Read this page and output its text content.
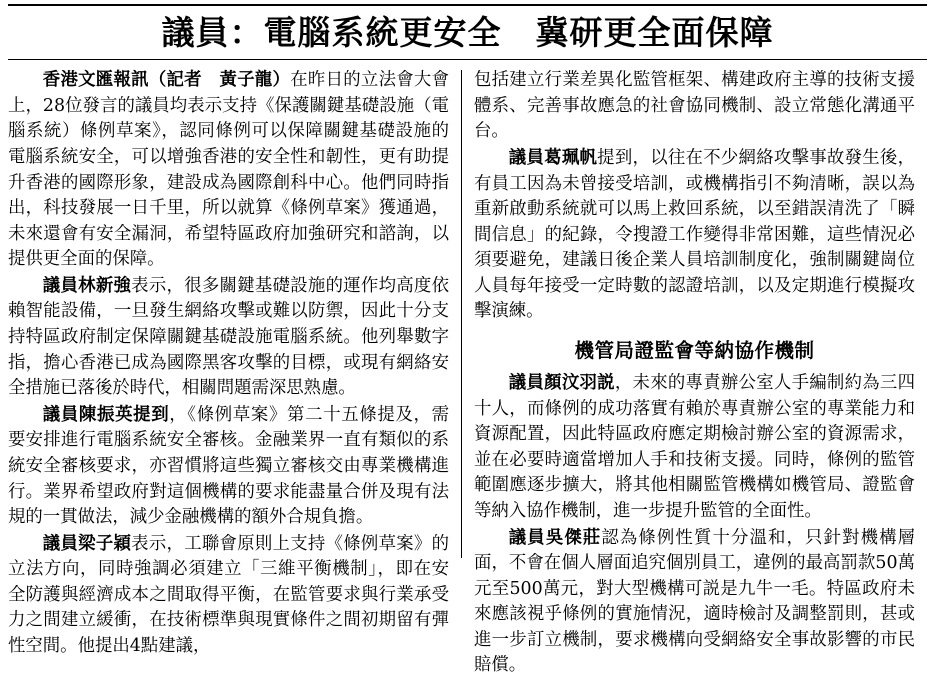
議員：電腦系統更安全　冀研更全面保障

香港文匯報訊（記者　黃子龍）在昨日的立法會大會上，28位發言的議員均表示支持《保護關鍵基礎設施（電腦系統）條例草案》，認同條例可以保障關鍵基礎設施的電腦系統安全，可以增強香港的安全性和韌性，更有助提升香港的國際形象，建設成為國際創科中心。他們同時指出，科技發展一日千里，所以就算《條例草案》獲通過，未來還會有安全漏洞，希望特區政府加強研究和諮詢，以提供更全面的保障。

議員林新強表示，很多關鍵基礎設施的運作均高度依賴智能設備，一旦發生網絡攻擊或難以防禦，因此十分支持特區政府制定保障關鍵基礎設施電腦系統。他列舉數字指，擔心香港已成為國際黑客攻擊的目標，或現有網絡安全措施已落後於時代，相關問題需深思熟慮。

議員陳振英提到，《條例草案》第二十五條提及，需要安排進行電腦系統安全審核。金融業界一直有類似的系統安全審核要求，亦習慣將這些獨立審核交由專業機構進行。業界希望政府對這個機構的要求能盡量合併及現有法規的一貫做法，減少金融機構的額外合規負擔。

議員梁子穎表示，工聯會原則上支持《條例草案》的立法方向，同時強調必須建立「三維平衡機制」，即在安全防護與經濟成本之間取得平衡，在監管要求與行業承受力之間建立緩衝，在技術標準與現實條件之間初期留有彈性空間。他提出4點建議，

包括建立行業差異化監管框架、構建政府主導的技術支援體系、完善事故應急的社會協同機制、設立常態化溝通平台。

議員葛珮帆提到，以往在不少網絡攻擊事故發生後，有員工因為未曾接受培訓，或機構指引不夠清晰，誤以為重新啟動系統就可以馬上救回系統，以至錯誤清洗了「瞬間信息」的紀錄，令搜證工作變得非常困難，這些情況必須要避免，建議日後企業人員培訓制度化，強制關鍵崗位人員每年接受一定時數的認證培訓，以及定期進行模擬攻擊演練。

機管局證監會等納協作機制

議員顏汶羽説，未來的專責辦公室人手編制約為三四十人，而條例的成功落實有賴於專責辦公室的專業能力和資源配置，因此特區政府應定期檢討辦公室的資源需求，並在必要時適當增加人手和技術支援。同時，條例的監管範圍應逐步擴大，將其他相關監管機構如機管局、證監會等納入協作機制，進一步提升監管的全面性。

議員吳傑莊認為條例性質十分溫和，只針對機構層面，不會在個人層面追究個別員工，違例的最高罰款50萬元至500萬元，對大型機構可説是九牛一毛。特區政府未來應該視乎條例的實施情況，適時檢討及調整罰則，甚或進一步訂立機制，要求機構向受網絡安全事故影響的市民賠償。
